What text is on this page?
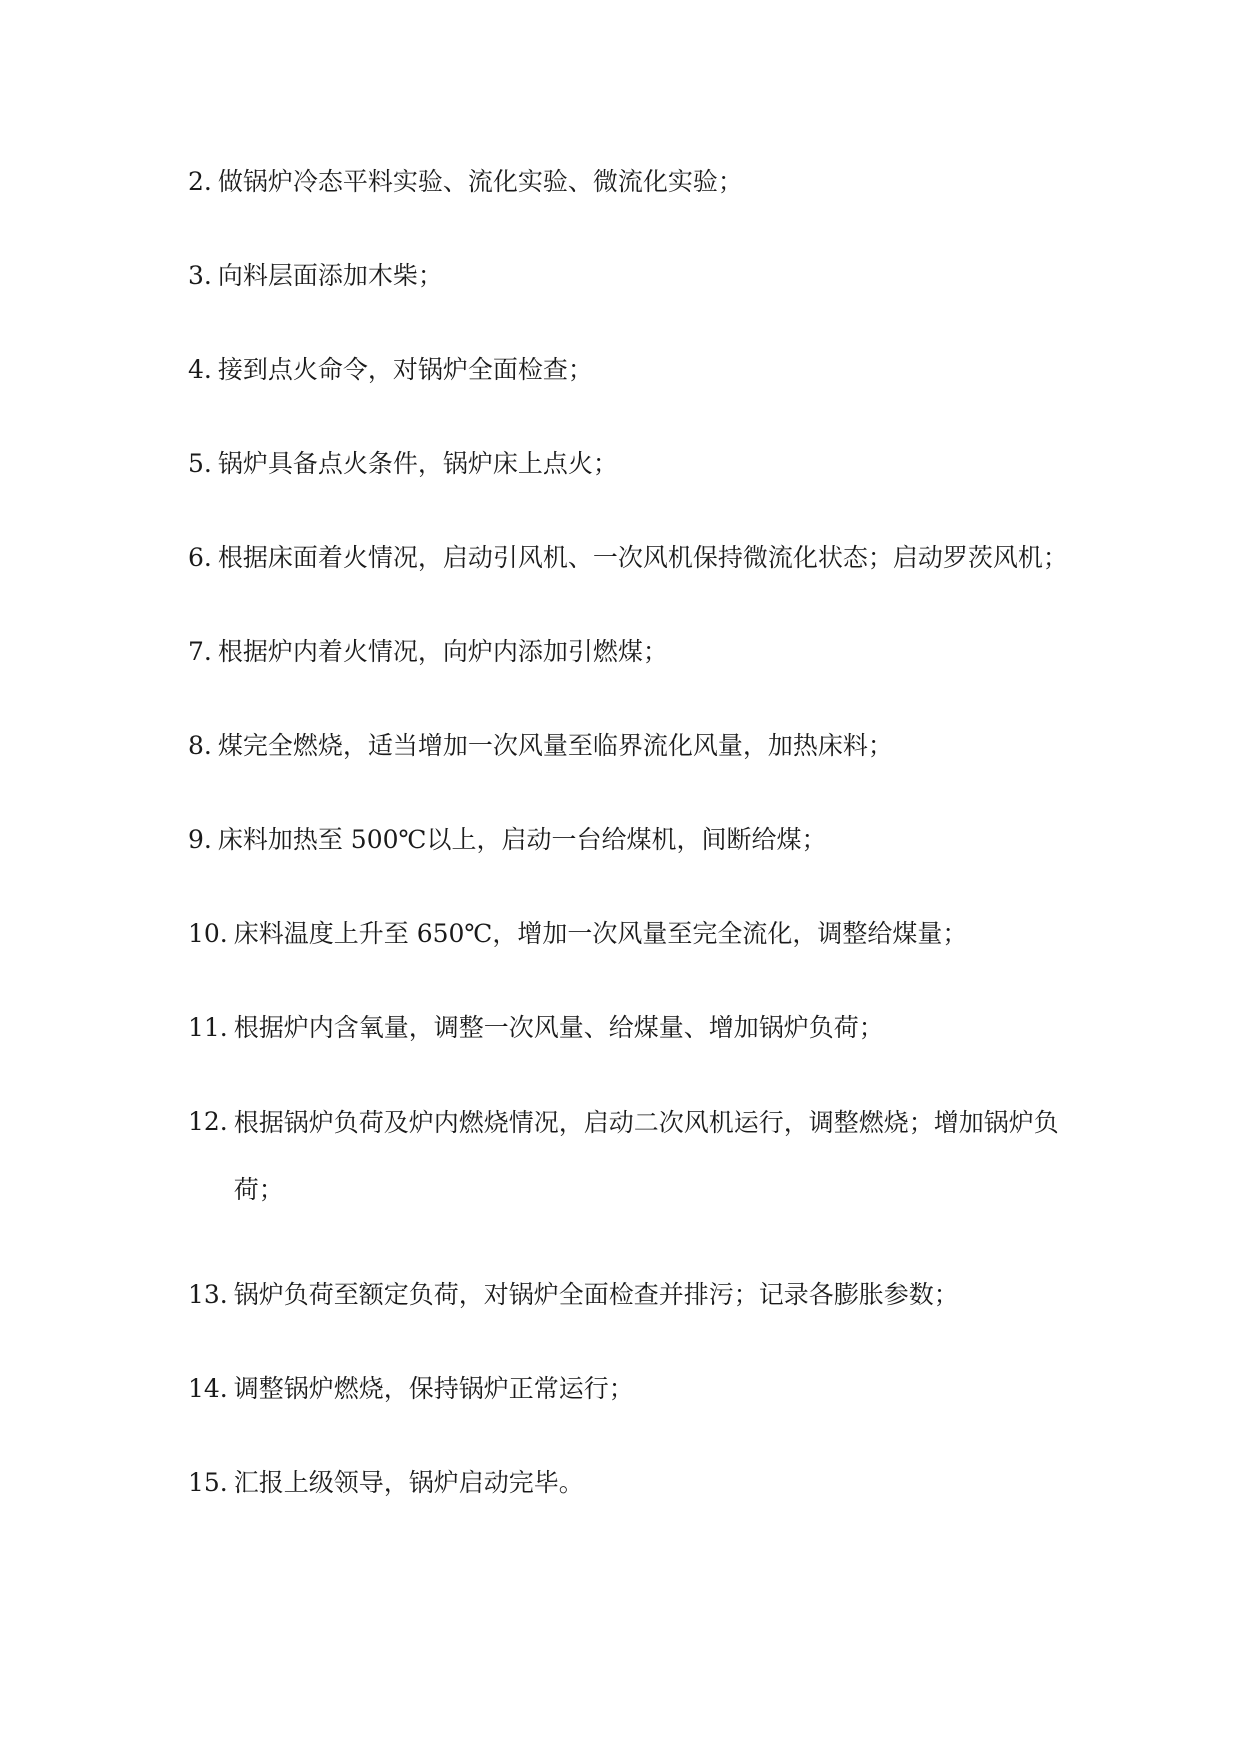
2. 做锅炉冷态平料实验、流化实验、微流化实验；
3. 向料层面添加木柴；
4. 接到点火命令，对锅炉全面检查；
5. 锅炉具备点火条件，锅炉床上点火；
6. 根据床面着火情况，启动引风机、一次风机保持微流化状态；启动罗茨风机；
7. 根据炉内着火情况，向炉内添加引燃煤；
8. 煤完全燃烧，适当增加一次风量至临界流化风量，加热床料；
9. 床料加热至 500℃以上，启动一台给煤机，间断给煤；
10. 床料温度上升至 650℃，增加一次风量至完全流化，调整给煤量；
11. 根据炉内含氧量，调整一次风量、给煤量、增加锅炉负荷；
12. 根据锅炉负荷及炉内燃烧情况，启动二次风机运行，调整燃烧；增加锅炉负荷；
13. 锅炉负荷至额定负荷，对锅炉全面检查并排污；记录各膨胀参数；
14. 调整锅炉燃烧，保持锅炉正常运行；
15. 汇报上级领导，锅炉启动完毕。
